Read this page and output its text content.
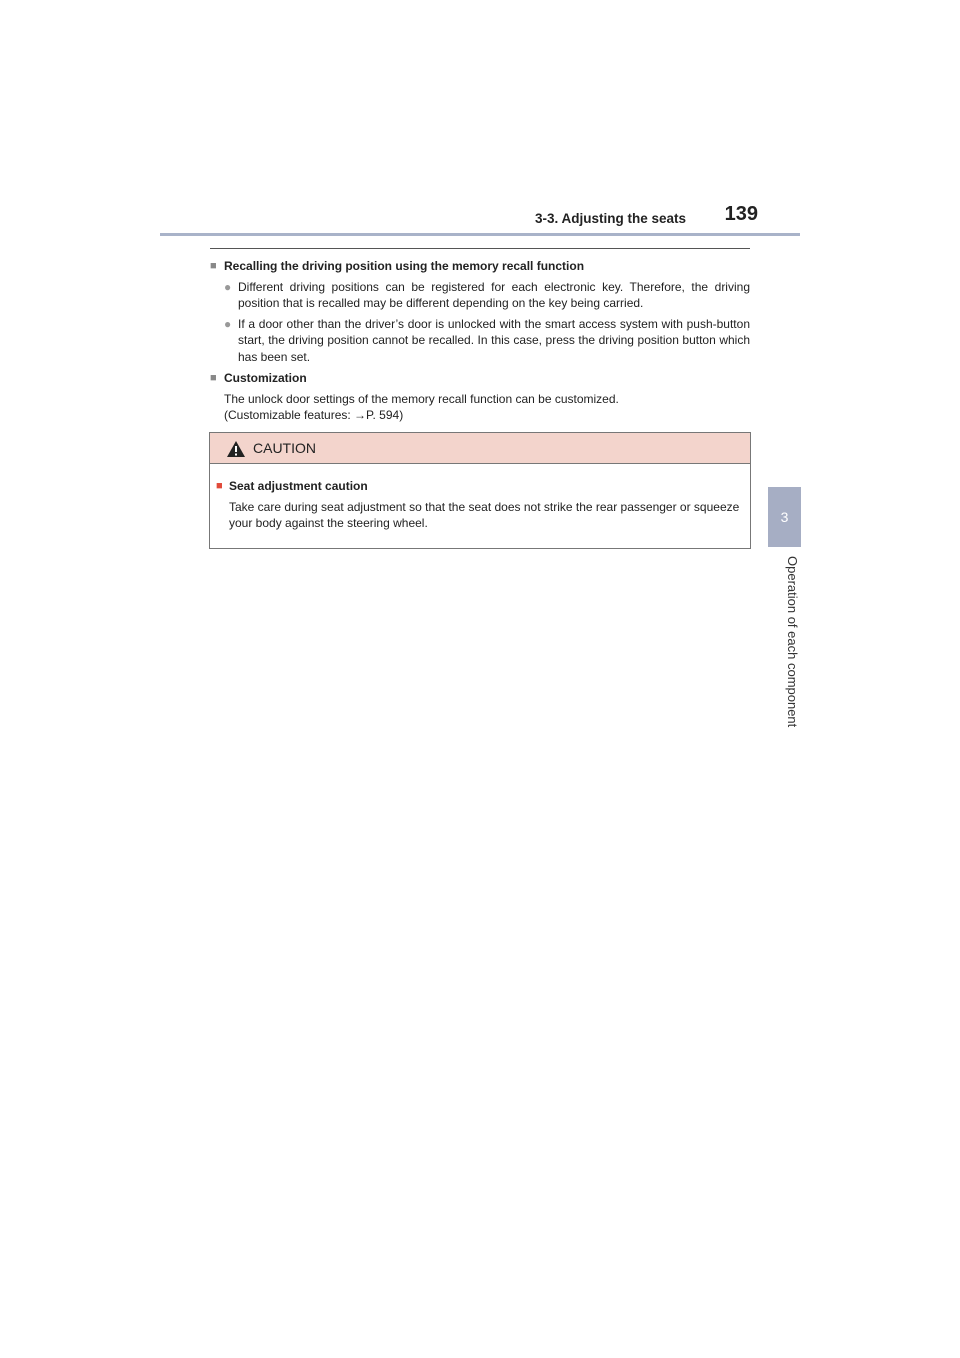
3-3. Adjusting the seats 139
3
Operation of each component
■ Recalling the driving position using the memory recall function
● Different driving positions can be registered for each electronic key. Therefore, the driving position that is recalled may be different depending on the key being carried.
● If a door other than the driver’s door is unlocked with the smart access system with push-button start, the driving position cannot be recalled. In this case, press the driving position button which has been set.
■ Customization
The unlock door settings of the memory recall function can be customized.
(Customizable features: →P. 594)
CAUTION
■ Seat adjustment caution
Take care during seat adjustment so that the seat does not strike the rear passenger or squeeze your body against the steering wheel.
